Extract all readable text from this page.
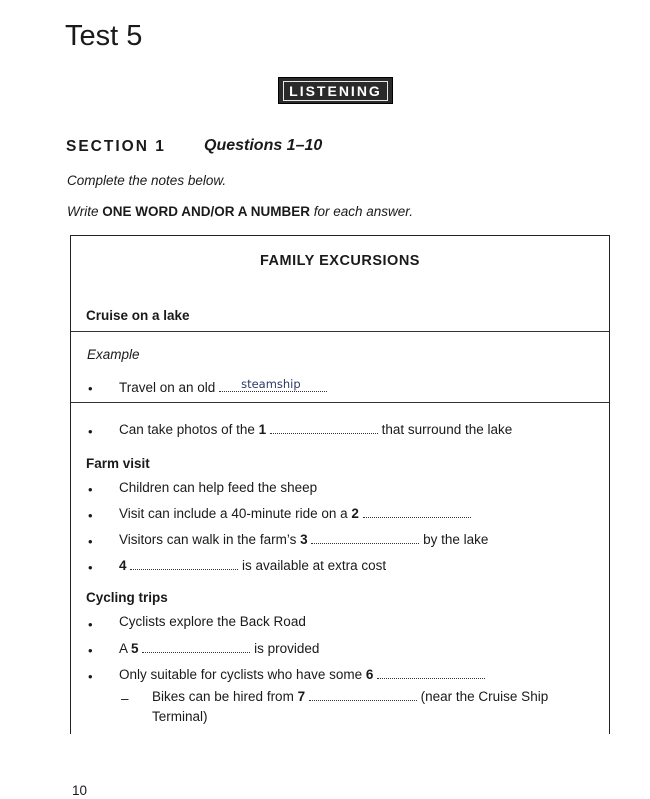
Test 5
LISTENING
SECTION 1 Questions 1–10
Complete the notes below.
Write ONE WORD AND/OR A NUMBER for each answer.
FAMILY EXCURSIONS
Cruise on a lake
Example
• Travel on an old steamship
• Can take photos of the 1	that surround the lake
Farm visit
• Children can help feed the sheep
• Visit can include a 40-minute ride on a 2
• Visitors can walk in the farm’s 3	by the lake
• 4	is available at extra cost
Cycling trips
• Cyclists explore the Back Road
• A 5	is provided
• Only suitable for cyclists who have some 6
– Bikes can be hired from 7	(near the Cruise Ship Terminal)
10
